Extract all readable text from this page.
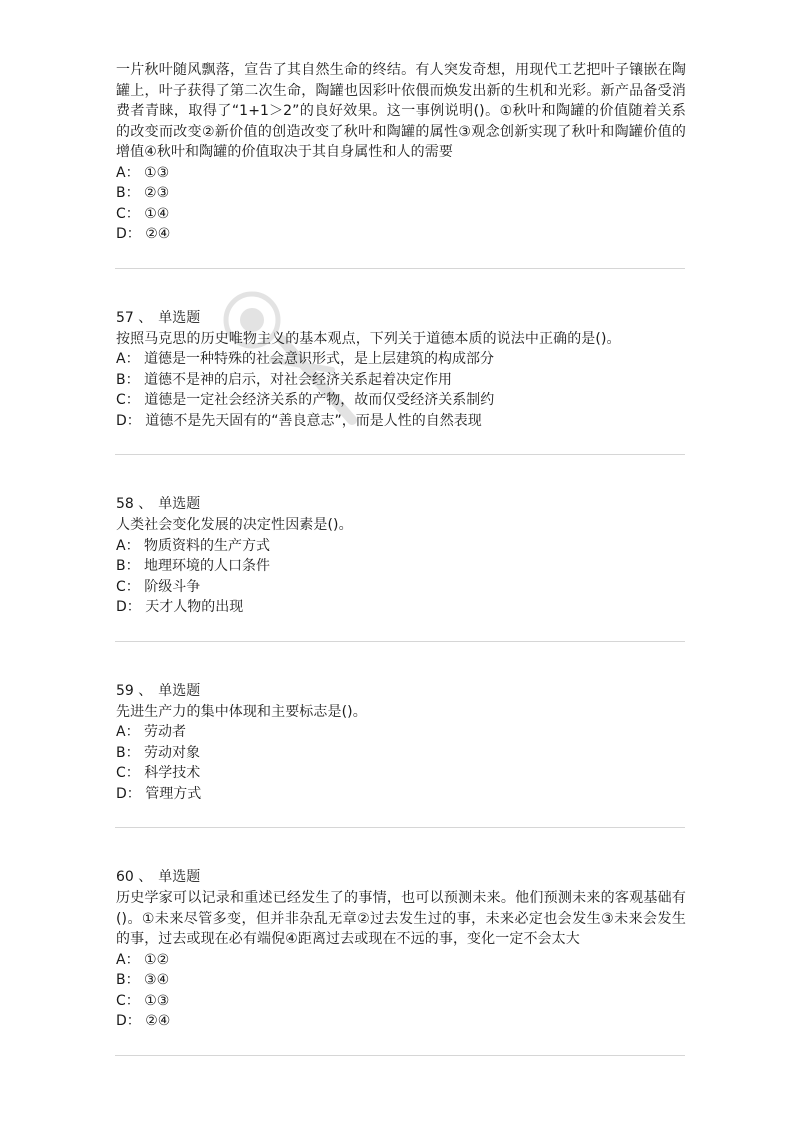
一片秋叶随风飘落，宣告了其自然生命的终结。有人突发奇想，用现代工艺把叶子镶嵌在陶罐上，叶子获得了第二次生命，陶罐也因彩叶依偎而焕发出新的生机和光彩。新产品备受消费者青睐，取得了“1+1＞2”的良好效果。这一事例说明()。①秋叶和陶罐的价值随着关系的改变而改变②新价值的创造改变了秋叶和陶罐的属性③观念创新实现了秋叶和陶罐价值的增值④秋叶和陶罐的价值取决于其自身属性和人的需要

A： ①③

B： ②③

C： ①④

D： ②④

57 、 单选题

按照马克思的历史唯物主义的基本观点，下列关于道德本质的说法中正确的是()。

A： 道德是一种特殊的社会意识形式，是上层建筑的构成部分

B： 道德不是神的启示，对社会经济关系起着决定作用

C： 道德是一定社会经济关系的产物，故而仅受经济关系制约

D： 道德不是先天固有的“善良意志”，而是人性的自然表现

58 、 单选题

人类社会变化发展的决定性因素是()。

A： 物质资料的生产方式

B： 地理环境的人口条件

C： 阶级斗争

D： 天才人物的出现

59 、 单选题

先进生产力的集中体现和主要标志是()。

A： 劳动者

B： 劳动对象

C： 科学技术

D： 管理方式

60 、 单选题

历史学家可以记录和重述已经发生了的事情，也可以预测未来。他们预测未来的客观基础有()。①未来尽管多变，但并非杂乱无章②过去发生过的事，未来必定也会发生③未来会发生的事，过去或现在必有端倪④距离过去或现在不远的事，变化一定不会太大

A： ①②

B： ③④

C： ①③

D： ②④
